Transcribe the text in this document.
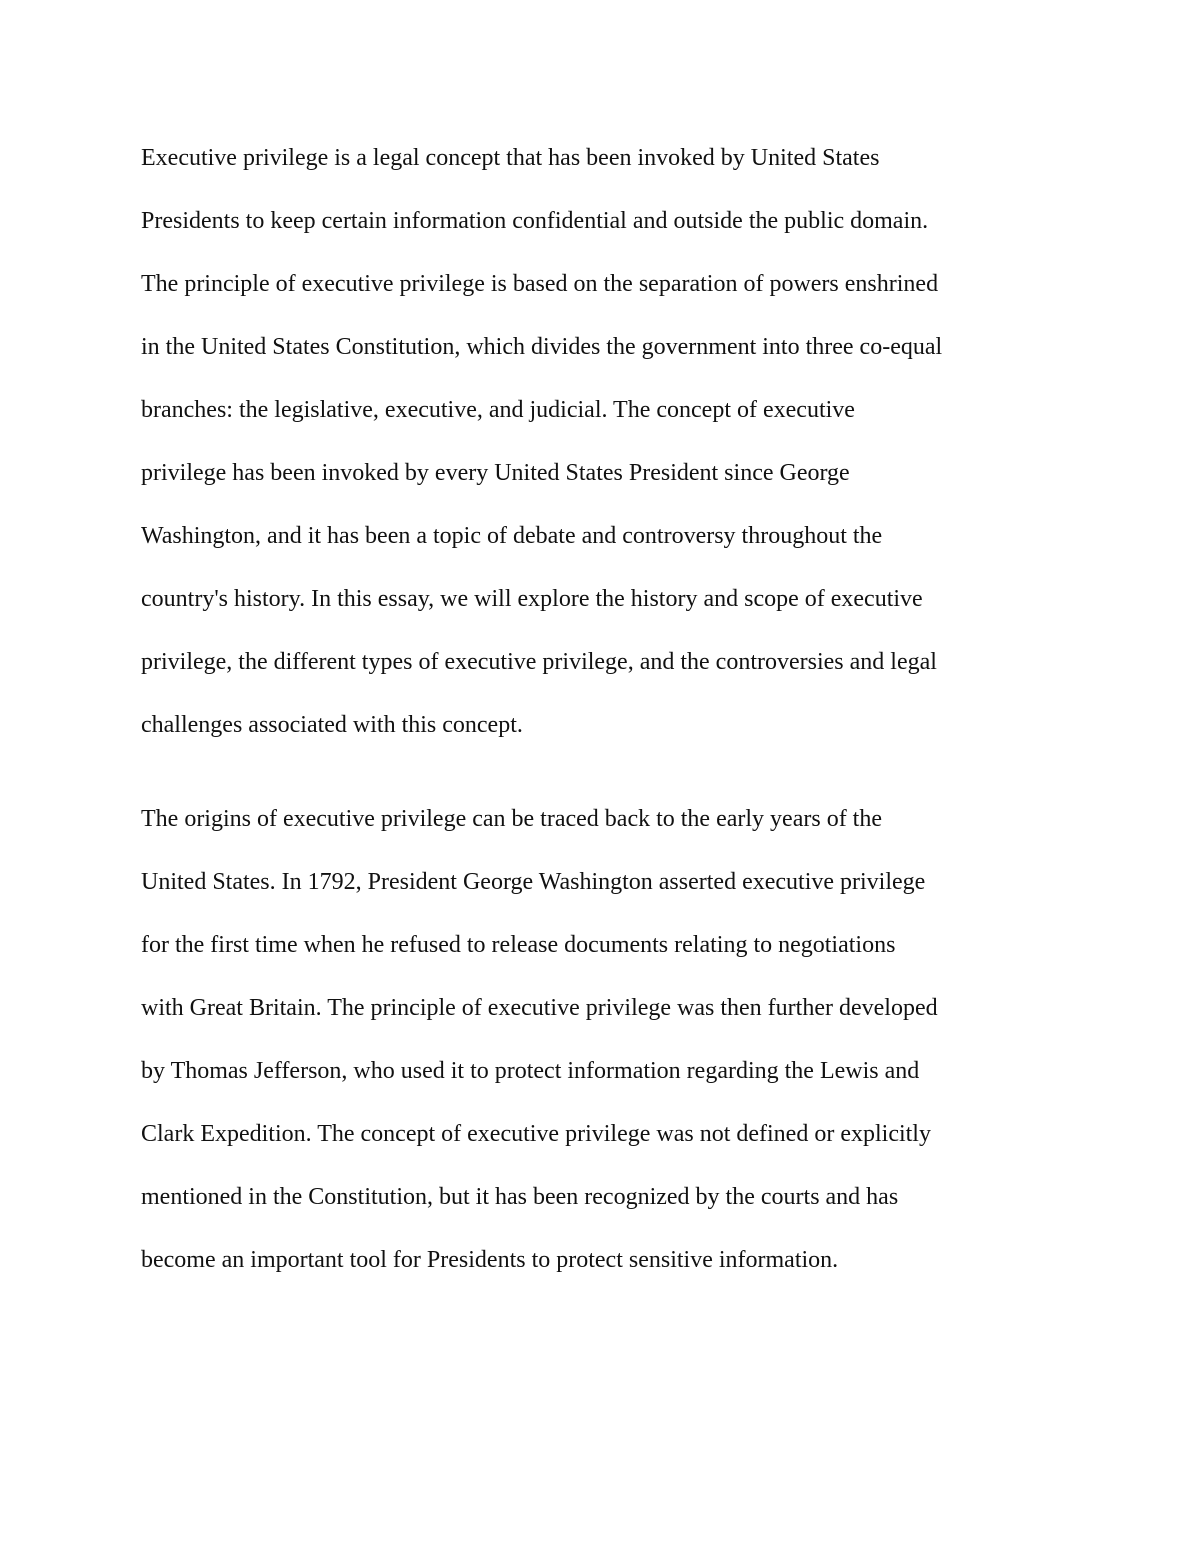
Executive privilege is a legal concept that has been invoked by United States
Presidents to keep certain information confidential and outside the public domain.
The principle of executive privilege is based on the separation of powers enshrined
in the United States Constitution, which divides the government into three co-equal
branches: the legislative, executive, and judicial. The concept of executive
privilege has been invoked by every United States President since George
Washington, and it has been a topic of debate and controversy throughout the
country's history. In this essay, we will explore the history and scope of executive
privilege, the different types of executive privilege, and the controversies and legal
challenges associated with this concept.

The origins of executive privilege can be traced back to the early years of the
United States. In 1792, President George Washington asserted executive privilege
for the first time when he refused to release documents relating to negotiations
with Great Britain. The principle of executive privilege was then further developed
by Thomas Jefferson, who used it to protect information regarding the Lewis and
Clark Expedition. The concept of executive privilege was not defined or explicitly
mentioned in the Constitution, but it has been recognized by the courts and has
become an important tool for Presidents to protect sensitive information.
